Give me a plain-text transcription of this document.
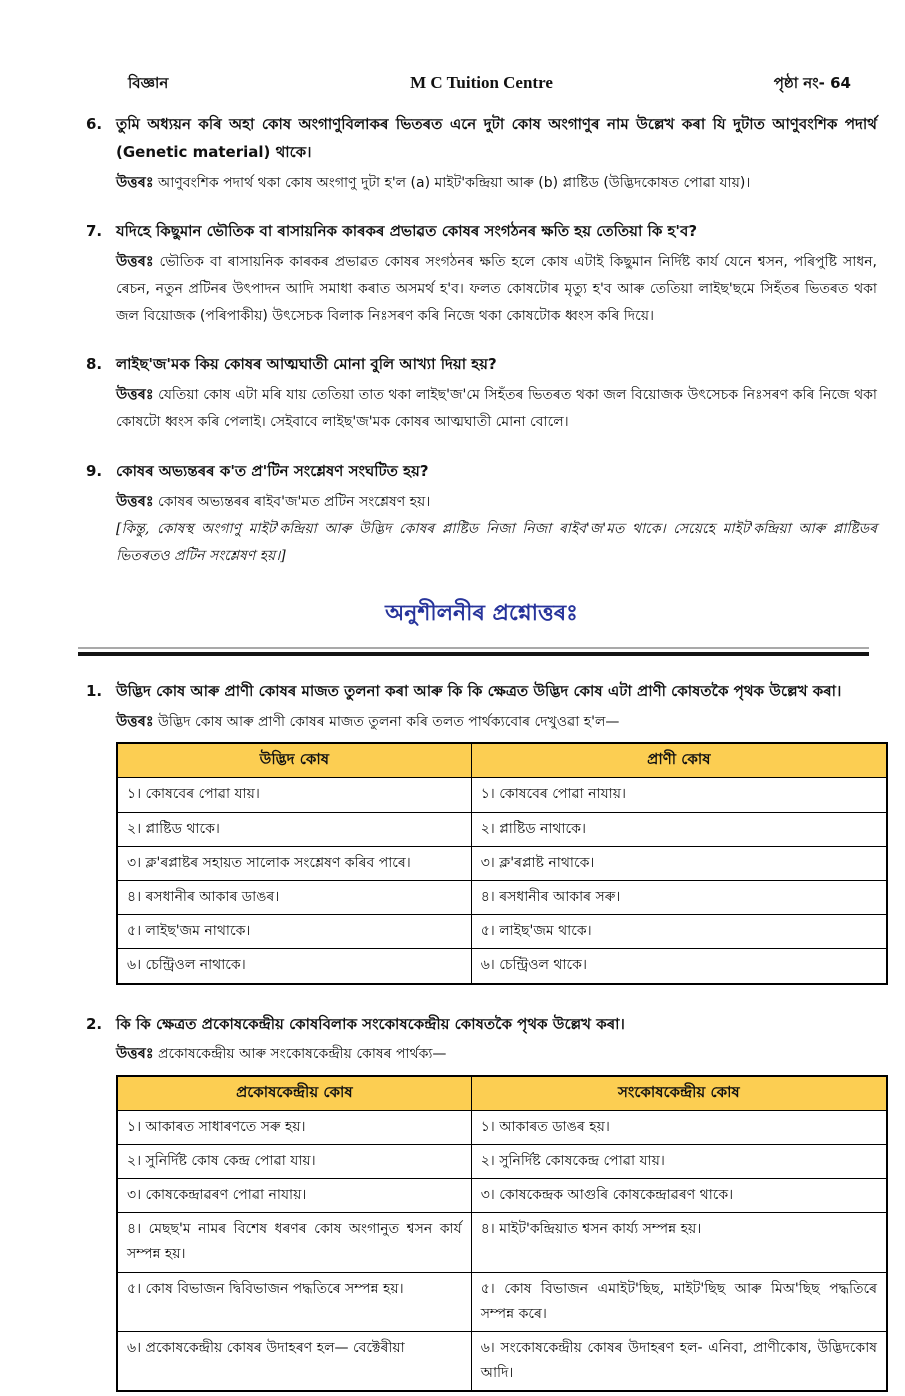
বিজ্ঞান	M C Tuition Centre	পৃষ্ঠা নং- 64
6. তুমি অধ্যয়ন কৰি অহা কোষ অংগাণুবিলাকৰ ভিতৰত এনে দুটা কোষ অংগাণুৰ নাম উল্লেখ কৰা যি দুটাত আণুবংশিক পদাৰ্থ (Genetic material) থাকে।
উত্তৰঃ আণুবংশিক পদাৰ্থ থকা কোষ অংগাণু দুটা হ'ল (a) মাইট'কন্দ্ৰিয়া আৰু (b) প্লাষ্টিড (উদ্ভিদকোষত পোৱা যায়)।
7. যদিহে কিছুমান ভৌতিক বা ৰাসায়নিক কাৰকৰ প্ৰভাৱত কোষৰ সংগঠনৰ ক্ষতি হয় তেতিয়া কি হ'ব?
উত্তৰঃ ভৌতিক বা ৰাসায়নিক কাৰকৰ প্ৰভাৱত কোষৰ সংগঠনৰ ক্ষতি হলে কোষ এটাই কিছুমান নিৰ্দিষ্ট কাৰ্য যেনে শ্বসন, পৰিপুষ্টি সাধন, ৰেচন, নতুন প্ৰটিনৰ উৎপাদন আদি সমাধা কৰাত অসমৰ্থ হ'ব। ফলত কোষটোৰ মৃত্যু হ'ব আৰু তেতিয়া লাইছ'ছমে সিহঁতৰ ভিতৰত থকা জল বিয়োজক (পৰিপাকীয়) উৎসেচক বিলাক নিঃসৰণ কৰি নিজে থকা কোষটোক ধ্বংস কৰি দিয়ে।
8. লাইছ'জ'মক কিয় কোষৰ আত্মঘাতী মোনা বুলি আখ্যা দিয়া হয়?
উত্তৰঃ যেতিয়া কোষ এটা মৰি যায় তেতিয়া তাত থকা লাইছ'জ'মে সিহঁতৰ ভিতৰত থকা জল বিয়োজক উৎসেচক নিঃসৰণ কৰি নিজে থকা কোষটো ধ্বংস কৰি পেলাই। সেইবাবে লাইছ'জ'মক কোষৰ আত্মঘাতী মোনা বোলে।
9. কোষৰ অভ্যন্তৰৰ ক'ত প্ৰ'টিন সংশ্লেষণ সংঘটিত হয়?
উত্তৰঃ কোষৰ অভ্যন্তৰৰ ৰাইব'জ'মত প্ৰটিন সংশ্লেষণ হয়।
[কিন্তু, কোষস্থ অংগাণু মাইট'কন্দ্ৰিয়া আৰু উদ্ভিদ কোষৰ প্লাষ্টিড নিজা নিজা ৰাইব'জ'মত থাকে। সেয়েহে মাইট'কন্দ্ৰিয়া আৰু প্লাষ্টিডৰ ভিতৰতও প্ৰটিন সংশ্লেষণ হয়।]
অনুশীলনীৰ প্ৰশ্নোত্তৰঃ
1. উদ্ভিদ কোষ আৰু প্ৰাণী কোষৰ মাজত তুলনা কৰা আৰু কি কি ক্ষেত্ৰত উদ্ভিদ কোষ এটা প্ৰাণী কোষতকৈ পৃথক উল্লেখ কৰা।
উত্তৰঃ উদ্ভিদ কোষ আৰু প্ৰাণী কোষৰ মাজত তুলনা কৰি তলত পাৰ্থক্যবোৰ দেখুওৱা হ'ল—
উদ্ভিদ কোষ	প্ৰাণী কোষ
১। কোষবেৰ পোৱা যায়।	১। কোষবেৰ পোৱা নাযায়।
২। প্লাষ্টিড থাকে।	২। প্লাষ্টিড নাথাকে।
৩। ক্ল'ৰপ্লাষ্টৰ সহায়ত সালোক সংশ্লেষণ কৰিব পাৰে।	৩। ক্ল'ৰপ্লাষ্ট নাথাকে।
৪। ৰসধানীৰ আকাৰ ডাঙৰ।	৪। ৰসধানীৰ আকাৰ সৰু।
৫। লাইছ'জম নাথাকে।	৫। লাইছ'জম থাকে।
৬। চেন্ট্ৰিওল নাথাকে।	৬। চেন্ট্ৰিওল থাকে।
2. কি কি ক্ষেত্ৰত প্ৰকোষকেন্দ্ৰীয় কোষবিলাক সংকোষকেন্দ্ৰীয় কোষতকৈ পৃথক উল্লেখ কৰা।
উত্তৰঃ প্ৰকোষকেন্দ্ৰীয় আৰু সংকোষকেন্দ্ৰীয় কোষৰ পাৰ্থক্য—
প্ৰকোষকেন্দ্ৰীয় কোষ	সংকোষকেন্দ্ৰীয় কোষ
১। আকাৰত সাধাৰণতে সৰু হয়।	১। আকাৰত ডাঙৰ হয়।
২। সুনিৰ্দিষ্ট কোষ কেন্দ্ৰ পোৱা যায়।	২। সুনিৰ্দিষ্ট কোষকেন্দ্ৰ পোৱা যায়।
৩। কোষকেন্দ্ৰাৱৰণ পোৱা নাযায়।	৩। কোষকেন্দ্ৰক আগুৰি কোষকেন্দ্ৰাৱৰণ থাকে।
৪। মেছছ'ম নামৰ বিশেষ ধৰণৰ কোষ অংগানুত শ্বসন কাৰ্য সম্পন্ন হয়।	৪। মাইট'কন্দ্ৰিয়াত শ্বসন কাৰ্য্য সম্পন্ন হয়।
৫। কোষ বিভাজন দ্বিবিভাজন পদ্ধতিৰে সম্পন্ন হয়।	৫। কোষ বিভাজন এমাইট'ছিছ, মাইট'ছিছ আৰু মিঅ'ছিছ পদ্ধতিৰে সম্পন্ন কৰে।
৬। প্ৰকোষকেন্দ্ৰীয় কোষৰ উদাহৰণ হল— বেক্টেৰীয়া	৬। সংকোষকেন্দ্ৰীয় কোষৰ উদাহৰণ হল- এনিবা, প্ৰাণীকোষ, উদ্ভিদকোষ আদি।
